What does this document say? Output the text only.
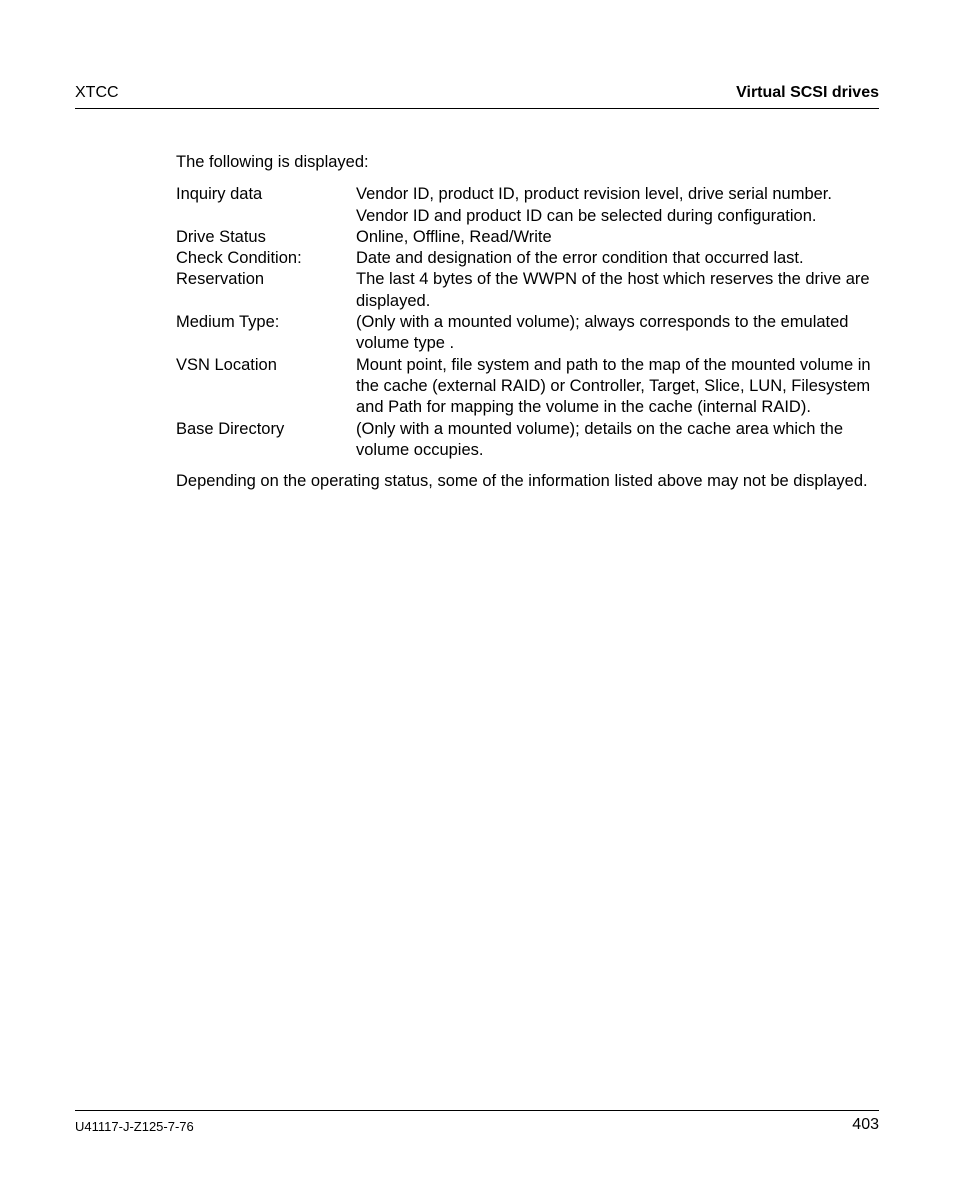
XTCC	Virtual SCSI drives

The following is displayed:

Inquiry data	Vendor ID, product ID, product revision level, drive serial number. Vendor ID and product ID can be selected during configuration.
Drive Status	Online, Offline, Read/Write
Check Condition:	Date and designation of the error condition that occurred last.
Reservation	The last 4 bytes of the WWPN of the host which reserves the drive are displayed.
Medium Type:	(Only with a mounted volume); always corresponds to the emulated volume type .
VSN Location	Mount point, file system and path to the map of the mounted volume in the cache (external RAID) or Controller, Target, Slice, LUN, Filesystem and Path for mapping the volume in the cache (internal RAID).
Base Directory	(Only with a mounted volume); details on the cache area which the volume occupies.

Depending on the operating status, some of the information listed above may not be displayed.

U41117-J-Z125-7-76	403
